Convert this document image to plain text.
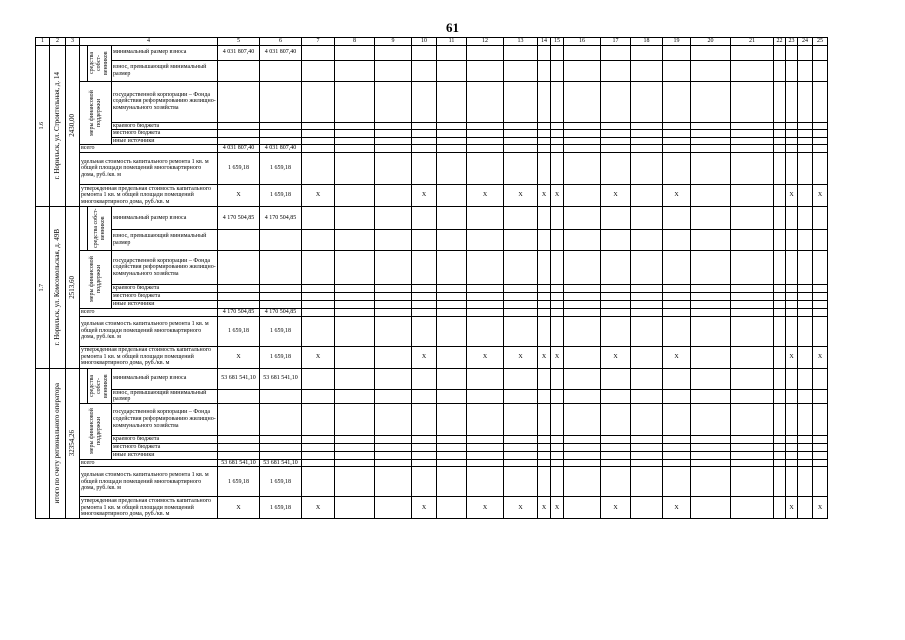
61
1	2	3	4			5	6	7	8	9	10	11	12	13	14	15	16	17	18	19	20	21	22	23	24	25

1.6	г. Норильск, ул. Строительная, д. 14	2430,00		средства собст-венников	минимальный размер взноса	4 031 807,40	4 031 807,40																			
					взнос, превышающий минимальный размер																					

			меры финансовой поддержки		государственной корпорации – Фонда содействия реформированию жилищно-коммунального хозяйства																					
					краевого бюджета																					
					местного бюджета																					
					иные источники																					
			всего			4 031 807,40	4 031 807,40																			
			удельная стоимость капитального ремонта 1 кв. м общей площади помещений многоквартирного дома, руб./кв. м			1 659,18	1 659,18																			
			утвержденная предельная стоимость капитального ремонта 1 кв. м общей площади помещений многоквартирного дома, руб./кв. м			X	1 659,18	X			X		X	X	X	X		X		X				X		X

1.7	г. Норильск, ул. Комсомольская, д. 49В	2513,60		средства собст-венников	минимальный размер взноса	4 170 504,85	4 170 504,85																			
					взнос, превышающий минимальный размер																					

			меры финансовой поддержки		государственной корпорации – Фонда содействия реформированию жилищно-коммунального хозяйства																					
					краевого бюджета																					
					местного бюджета																					
					иные источники																					
			всего			4 170 504,85	4 170 504,85																			
			удельная стоимость капитального ремонта 1 кв. м общей площади помещений многоквартирного дома, руб./кв. м			1 659,18	1 659,18																			
			утвержденная предельная стоимость капитального ремонта 1 кв. м общей площади помещений многоквартирного дома, руб./кв. м			X	1 659,18	X			X		X	X	X	X		X		X				X		X

	итого по счету регионального оператора	32354,26		средства собст-венников	минимальный размер взноса	53 681 541,10	53 681 541,10																			
					взнос, превышающий минимальный размер																					

			меры финансовой поддержки		государственной корпорации – Фонда содействия реформированию жилищно-коммунального хозяйства																					
					краевого бюджета																					
					местного бюджета																					
					иные источники																					
			всего			53 681 541,10	53 681 541,10																			
			удельная стоимость капитального ремонта 1 кв. м общей площади помещений многоквартирного дома, руб./кв. м			1 659,18	1 659,18																			
			утвержденная предельная стоимость капитального ремонта 1 кв. м общей площади помещений многоквартирного дома, руб./кв. м			X	1 659,18	X			X		X	X	X	X		X		X				X		X
